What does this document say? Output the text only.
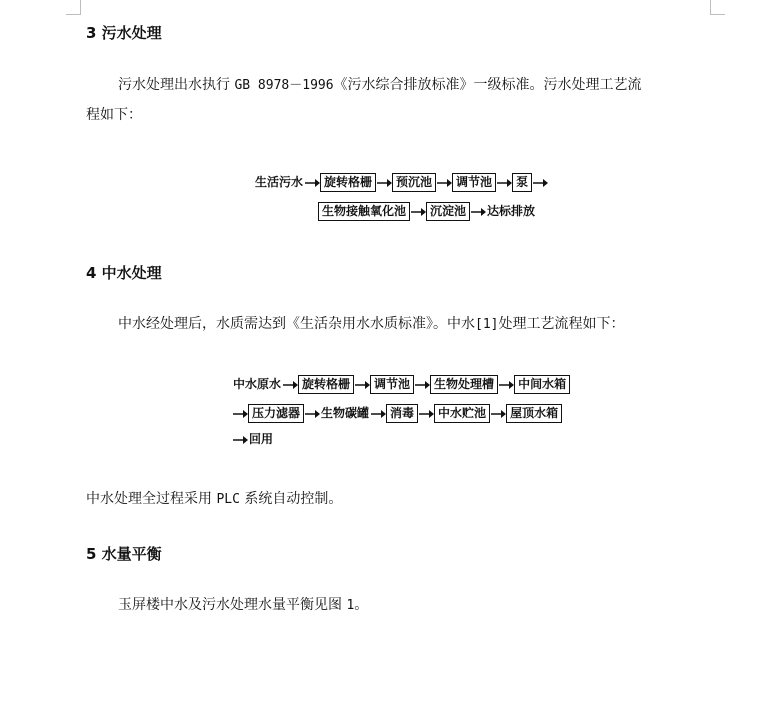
3 污水处理
污水处理出水执行 GB 8978－1996《污水综合排放标准》一级标准。污水处理工艺流
程如下：
生活污水	旋转格栅	预沉池	调节池	泵
生物接触氧化池	沉淀池	达标排放
4 中水处理
中水经处理后，水质需达到《生活杂用水水质标准》。中水[1]处理工艺流程如下：
中水原水	旋转格栅	调节池	生物处理槽	中间水箱
压力滤器	生物碳罐	消毒	中水贮池	屋顶水箱
回用
中水处理全过程采用 PLC 系统自动控制。
5 水量平衡
玉屏楼中水及污水处理水量平衡见图 1。
